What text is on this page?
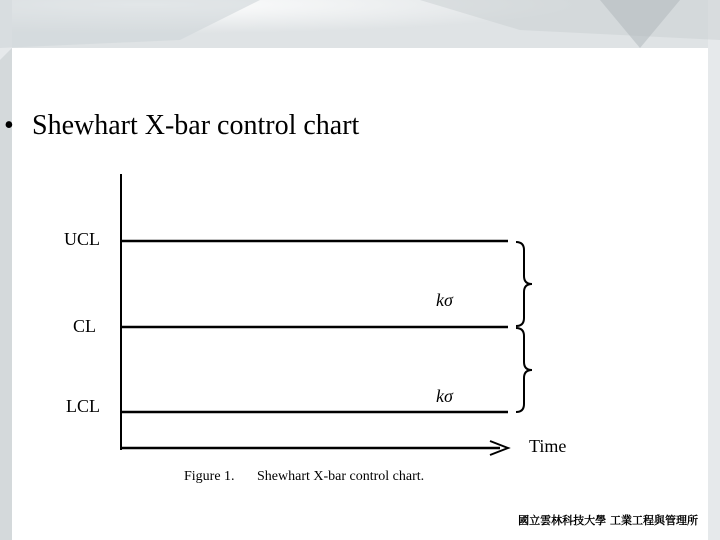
• Shewhart X-bar control chart
UCL
CL
LCL
kσ
kσ
Time
Figure 1. Shewhart X-bar control chart.
國立雲林科技大學 工業工程與管理所
